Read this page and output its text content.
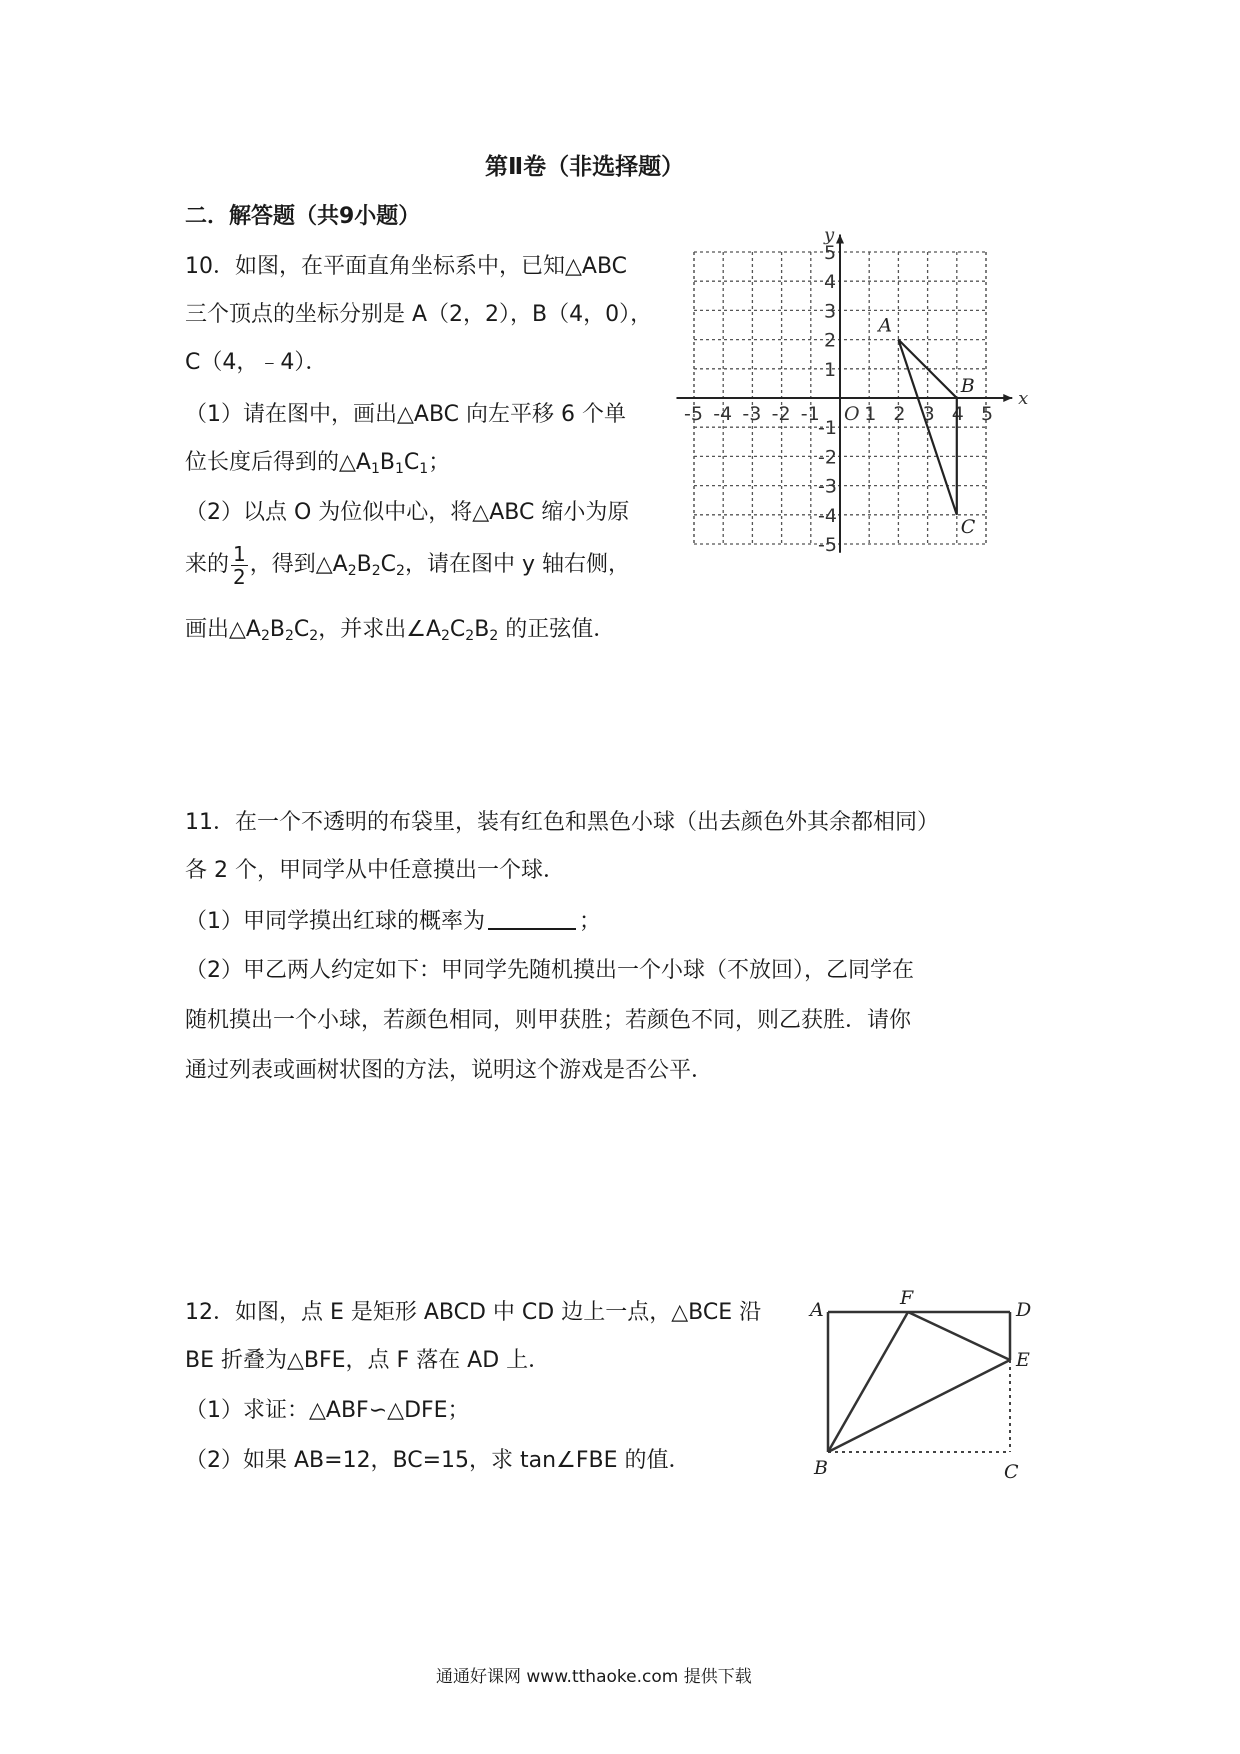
第Ⅱ卷（非选择题）
二．解答题（共9小题）
10．如图，在平面直角坐标系中，已知△ABC
三个顶点的坐标分别是 A（2，2），B（4，0），
C（4，﹣4）．
（1）请在图中，画出△ABC 向左平移 6 个单
位长度后得到的$\triangle A_1B_1C_1$；
（2）以点 O 为位似中心，将△ABC 缩小为原
来的 $\frac{1}{2}$ ，得到$\triangle A_2B_2C_2$，请在图中 y 轴右侧，
画出$\triangle A_2B_2C_2$，并求出$\angle A_2C_2B_2$ 的正弦值．
x
y
O
-5 -4 -3 -2 -1 1 2 3 4 5
5
4
3
2
1
-1
-2
-3
-4
-5
A
B
C
11．在一个不透明的布袋里，装有红色和黑色小球（出去颜色外其余都相同）
各 2 个，甲同学从中任意摸出一个球．
（1）甲同学摸出红球的概率为	；
（2）甲乙两人约定如下：甲同学先随机摸出一个小球（不放回），乙同学在
随机摸出一个小球，若颜色相同，则甲获胜；若颜色不同，则乙获胜．请你
通过列表或画树状图的方法，说明这个游戏是否公平．
12．如图，点 E 是矩形 ABCD 中 CD 边上一点，△BCE 沿
BE 折叠为△BFE，点 F 落在 AD 上．
（1）求证：△ABF∽△DFE；
（2）如果 AB=12，BC=15，求 tan∠FBE 的值．
A
F
D
E
B	C
通通好课网 www.tthaoke.com 提供下载
